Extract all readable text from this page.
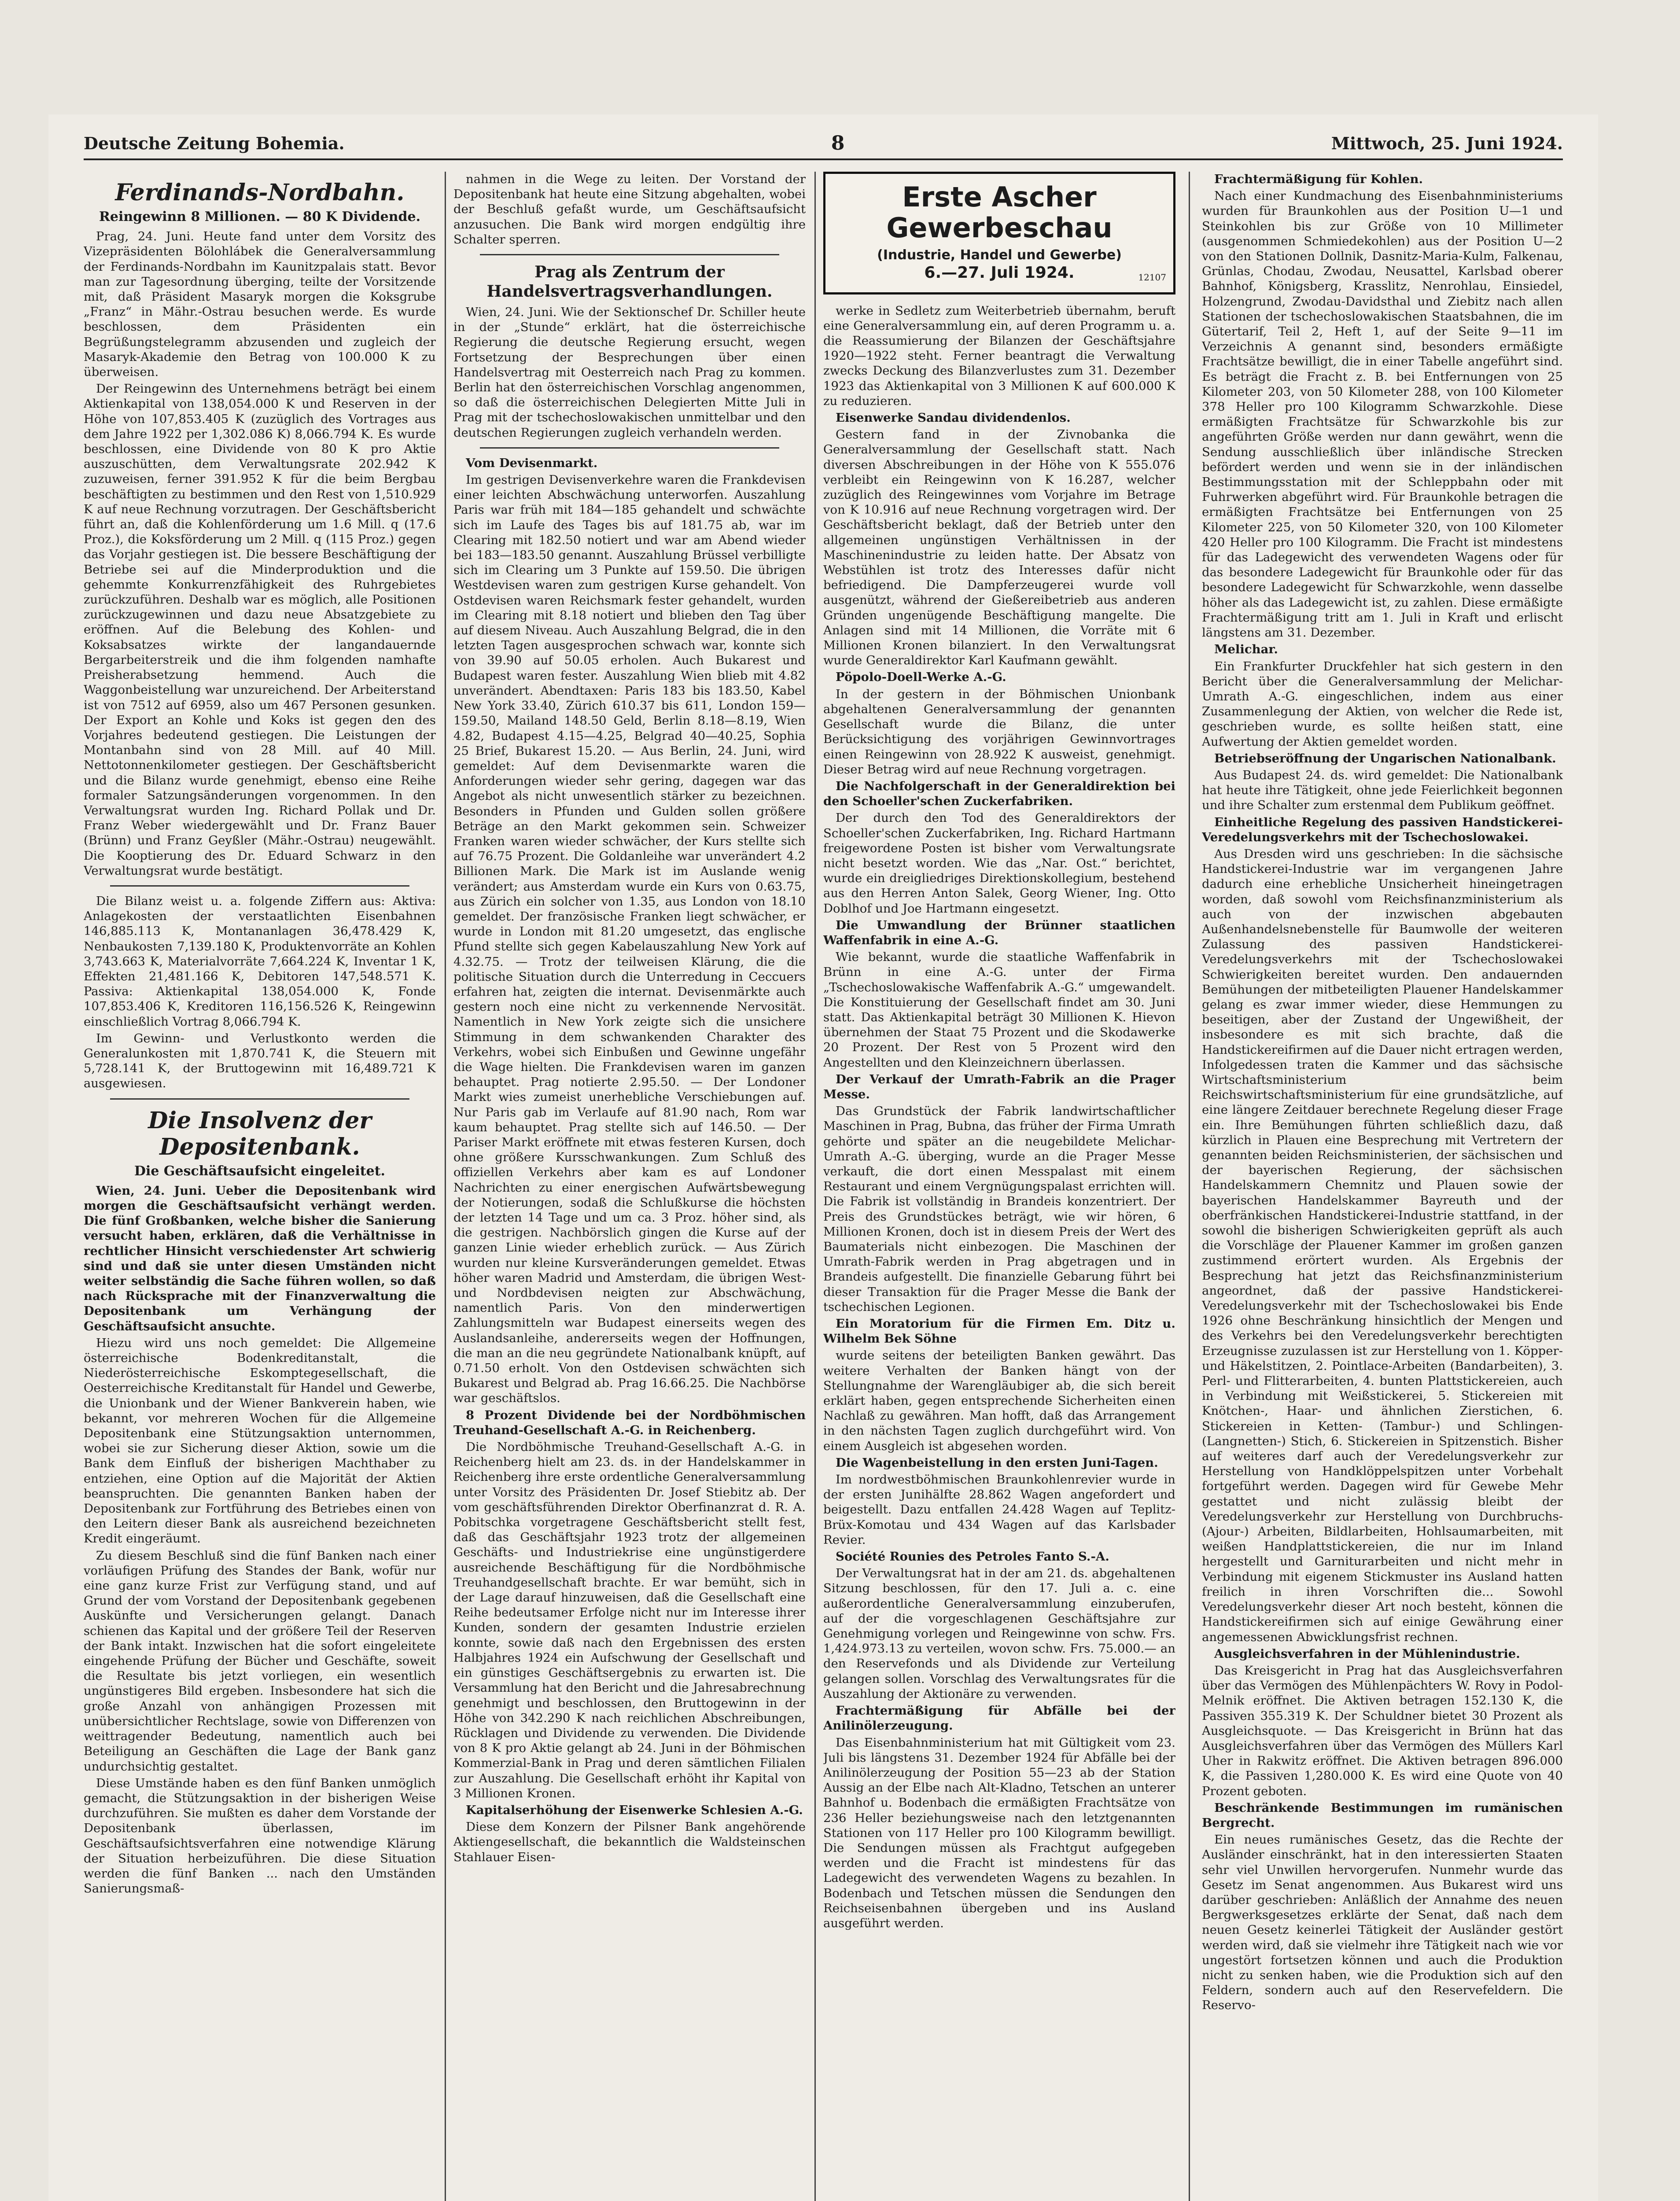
Deutsche Zeitung Bohemia.	8	Mittwoch, 25. Juni 1924.
Ferdinands-Nordbahn.

Reingewinn 8 Millionen. — 80 K Dividende.

Prag, 24. Juni. Heute fand unter dem Vorsitz des Vizepräsidenten Bölohlábek die Generalversammlung der Ferdinands-Nordbahn im Kaunitzpalais statt. Bevor man zur Tagesordnung überging, teilte der Vorsitzende mit, daß Präsident Masaryk morgen die Koksgrube „Franz“ in Mähr.-Ostrau besuchen werde. Es wurde beschlossen, dem Präsidenten ein Begrüßungstelegramm abzusenden und zugleich der Masaryk-Akademie den Betrag von 100.000 K zu überweisen.

Der Reingewinn des Unternehmens beträgt bei einem Aktienkapital von 138,054.000 K und Reserven in der Höhe von 107,853.405 K (zuzüglich des Vortrages aus dem Jahre 1922 per 1,302.086 K) 8,066.794 K. Es wurde beschlossen, eine Dividende von 80 K pro Aktie auszuschütten, dem Verwaltungsrate 202.942 K zuzuweisen, ferner 391.952 K für die beim Bergbau beschäftigten zu bestimmen und den Rest von 1,510.929 K auf neue Rechnung vorzutragen. Der Geschäftsbericht führt an, daß die Kohlenförderung um 1.6 Mill. q (17.6 Proz.), die Koksförderung um 2 Mill. q (115 Proz.) gegen das Vorjahr gestiegen ist. Die bessere Beschäftigung der Betriebe sei auf die Minderproduktion und die gehemmte Konkurrenzfähigkeit des Ruhrgebietes zurückzuführen. Deshalb war es möglich, alle Positionen zurückzugewinnen und dazu neue Absatzgebiete zu eröffnen. Auf die Belebung des Kohlen- und Koksabsatzes wirkte der langandauernde Bergarbeiterstreik und die ihm folgenden namhafte Preisherabsetzung hemmend. Auch die Waggonbeistellung war unzureichend. Der Arbeiterstand ist von 7512 auf 6959, also um 467 Personen gesunken. Der Export an Kohle und Koks ist gegen den des Vorjahres bedeutend gestiegen. Die Leistungen der Montanbahn sind von 28 Mill. auf 40 Mill. Nettotonnenkilometer gestiegen. Der Geschäftsbericht und die Bilanz wurde genehmigt, ebenso eine Reihe formaler Satzungsänderungen vorgenommen. In den Verwaltungsrat wurden Ing. Richard Pollak und Dr. Franz Weber wiedergewählt und Dr. Franz Bauer (Brünn) und Franz Geyßler (Mähr.-Ostrau) neugewählt. Die Kooptierung des Dr. Eduard Schwarz in den Verwaltungsrat wurde bestätigt.

Die Bilanz weist u. a. folgende Ziffern aus: Aktiva: Anlagekosten der verstaatlichten Eisenbahnen 146,885.113 K, Montananlagen 36,478.429 K, Nenbaukosten 7,139.180 K, Produktenvorräte an Kohlen 3,743.663 K, Materialvorräte 7,664.224 K, Inventar 1 K, Effekten 21,481.166 K, Debitoren 147,548.571 K. Passiva: Aktienkapital 138,054.000 K, Fonde 107,853.406 K, Kreditoren 116,156.526 K, Reingewinn einschließlich Vortrag 8,066.794 K.

Im Gewinn- und Verlustkonto werden die Generalunkosten mit 1,870.741 K, die Steuern mit 5,728.141 K, der Bruttogewinn mit 16,489.721 K ausgewiesen.

Die Insolvenz der Depositenbank.

Die Geschäftsaufsicht eingeleitet.

Wien, 24. Juni. Ueber die Depositenbank wird morgen die Geschäftsaufsicht verhängt werden. Die fünf Großbanken, welche bisher die Sanierung versucht haben, erklären, daß die Verhältnisse in rechtlicher Hinsicht verschiedenster Art schwierig sind und daß sie unter diesen Umständen nicht weiter selbständig die Sache führen wollen, so daß nach Rücksprache mit der Finanzverwaltung die Depositenbank um Verhängung der Geschäftsaufsicht ansuchte.

Hiezu wird uns noch gemeldet: Die Allgemeine österreichische Bodenkreditanstalt, die Niederösterreichische Eskomptegesellschaft, die Oesterreichische Kreditanstalt für Handel und Gewerbe, die Unionbank und der Wiener Bankverein haben, wie bekannt, vor mehreren Wochen für die Allgemeine Depositenbank eine Stützungsaktion unternommen, wobei sie zur Sicherung dieser Aktion, sowie um die Bank dem Einfluß der bisherigen Machthaber zu entziehen, eine Option auf die Majorität der Aktien beanspruchten. Die genannten Banken haben der Depositenbank zur Fortführung des Betriebes einen von den Leitern dieser Bank als ausreichend bezeichneten Kredit eingeräumt.

Zu diesem Beschluß sind die fünf Banken nach einer vorläufigen Prüfung des Standes der Bank, wofür nur eine ganz kurze Frist zur Verfügung stand, und auf Grund der vom Vorstand der Depositenbank gegebenen Auskünfte und Versicherungen gelangt. Danach schienen das Kapital und der größere Teil der Reserven der Bank intakt. Inzwischen hat die sofort eingeleitete eingehende Prüfung der Bücher und Geschäfte, soweit die Resultate bis jetzt vorliegen, ein wesentlich ungünstigeres Bild ergeben. Insbesondere hat sich die große Anzahl von anhängigen Prozessen mit unübersichtlicher Rechtslage, sowie von Differenzen von weittragender Bedeutung, namentlich auch bei Beteiligung an Geschäften die Lage der Bank ganz undurchsichtig gestaltet.

Diese Umstände haben es den fünf Banken unmöglich gemacht, die Stützungsaktion in der bisherigen Weise durchzuführen. Sie mußten es daher dem Vorstande der Depositenbank überlassen, im Geschäftsaufsichtsverfahren eine notwendige Klärung der Situation herbeizuführen. Die diese Situation werden die fünf Banken ... nach den Umständen Sanierungsmaß-

nahmen in die Wege zu leiten. Der Vorstand der Depositenbank hat heute eine Sitzung abgehalten, wobei der Beschluß gefaßt wurde, um Geschäftsaufsicht anzusuchen. Die Bank wird morgen endgültig ihre Schalter sperren.

Prag als Zentrum der Handelsvertragsverhandlungen.

Wien, 24. Juni. Wie der Sektionschef Dr. Schiller heute in der „Stunde“ erklärt, hat die österreichische Regierung die deutsche Regierung ersucht, wegen Fortsetzung der Besprechungen über einen Handelsvertrag mit Oesterreich nach Prag zu kommen. Berlin hat den österreichischen Vorschlag angenommen, so daß die österreichischen Delegierten Mitte Juli in Prag mit der tschechoslowakischen unmittelbar und den deutschen Regierungen zugleich verhandeln werden.

Vom Devisenmarkt.

Im gestrigen Devisenverkehre waren die Frankdevisen einer leichten Abschwächung unterworfen. Auszahlung Paris war früh mit 184—185 gehandelt und schwächte sich im Laufe des Tages bis auf 181.75 ab, war im Clearing mit 182.50 notiert und war am Abend wieder bei 183—183.50 genannt. Auszahlung Brüssel verbilligte sich im Clearing um 3 Punkte auf 159.50. Die übrigen Westdevisen waren zum gestrigen Kurse gehandelt. Von Ostdevisen waren Reichsmark fester gehandelt, wurden im Clearing mit 8.18 notiert und blieben den Tag über auf diesem Niveau. Auch Auszahlung Belgrad, die in den letzten Tagen ausgesprochen schwach war, konnte sich von 39.90 auf 50.05 erholen. Auch Bukarest und Budapest waren fester. Auszahlung Wien blieb mit 4.82 unverändert. Abendtaxen: Paris 183 bis 183.50, Kabel New York 33.40, Zürich 610.37 bis 611, London 159—159.50, Mailand 148.50 Geld, Berlin 8.18—8.19, Wien 4.82, Budapest 4.15—4.25, Belgrad 40—40.25, Sophia 25 Brief, Bukarest 15.20. — Aus Berlin, 24. Juni, wird gemeldet: Auf dem Devisenmarkte waren die Anforderungen wieder sehr gering, dagegen war das Angebot als nicht unwesentlich stärker zu bezeichnen. Besonders in Pfunden und Gulden sollen größere Beträge an den Markt gekommen sein. Schweizer Franken waren wieder schwächer, der Kurs stellte sich auf 76.75 Prozent. Die Goldanleihe war unverändert 4.2 Billionen Mark. Die Mark ist im Auslande wenig verändert; aus Amsterdam wurde ein Kurs von 0.63.75, aus Zürich ein solcher von 1.35, aus London von 18.10 gemeldet. Der französische Franken liegt schwächer, er wurde in London mit 81.20 umgesetzt, das englische Pfund stellte sich gegen Kabelauszahlung New York auf 4.32.75. — Trotz der teilweisen Klärung, die die politische Situation durch die Unterredung in Ceccuers erfahren hat, zeigten die internat. Devisenmärkte auch gestern noch eine nicht zu verkennende Nervosität. Namentlich in New York zeigte sich die unsichere Stimmung in dem schwankenden Charakter des Verkehrs, wobei sich Einbußen und Gewinne ungefähr die Wage hielten. Die Frankdevisen waren im ganzen behauptet. Prag notierte 2.95.50. — Der Londoner Markt wies zumeist unerhebliche Verschiebungen auf. Nur Paris gab im Verlaufe auf 81.90 nach, Rom war kaum behauptet. Prag stellte sich auf 146.50. — Der Pariser Markt eröffnete mit etwas festeren Kursen, doch ohne größere Kursschwankungen. Zum Schluß des offiziellen Verkehrs aber kam es auf Londoner Nachrichten zu einer energischen Aufwärtsbewegung der Notierungen, sodaß die Schlußkurse die höchsten der letzten 14 Tage und um ca. 3 Proz. höher sind, als die gestrigen. Nachbörslich gingen die Kurse auf der ganzen Linie wieder erheblich zurück. — Aus Zürich wurden nur kleine Kursveränderungen gemeldet. Etwas höher waren Madrid und Amsterdam, die übrigen West- und Nordbdevisen neigten zur Abschwächung, namentlich Paris. Von den minderwertigen Zahlungsmitteln war Budapest einerseits wegen des Auslandsanleihe, andererseits wegen der Hoffnungen, die man an die neu gegründete Nationalbank knüpft, auf 0.71.50 erholt. Von den Ostdevisen schwächten sich Bukarest und Belgrad ab. Prag 16.66.25. Die Nachbörse war geschäftslos.

8 Prozent Dividende bei der Nordböhmischen Treuhand-Gesellschaft A.-G. in Reichenberg.

Die Nordböhmische Treuhand-Gesellschaft A.-G. in Reichenberg hielt am 23. ds. in der Handelskammer in Reichenberg ihre erste ordentliche Generalversammlung unter Vorsitz des Präsidenten Dr. Josef Stiebitz ab. Der vom geschäftsführenden Direktor Oberfinanzrat d. R. A. Pobitschka vorgetragene Geschäftsbericht stellt fest, daß das Geschäftsjahr 1923 trotz der allgemeinen Geschäfts- und Industriekrise eine ungünstigerdere ausreichende Beschäftigung für die Nordböhmische Treuhandgesellschaft brachte. Er war bemüht, sich in der Lage darauf hinzuweisen, daß die Gesellschaft eine Reihe bedeutsamer Erfolge nicht nur im Interesse ihrer Kunden, sondern der gesamten Industrie erzielen konnte, sowie daß nach den Ergebnissen des ersten Halbjahres 1924 ein Aufschwung der Gesellschaft und ein günstiges Geschäftsergebnis zu erwarten ist. Die Versammlung hat den Bericht und die Jahresabrechnung genehmigt und beschlossen, den Bruttogewinn in der Höhe von 342.290 K nach reichlichen Abschreibungen, Rücklagen und Dividende zu verwenden. Die Dividende von 8 K pro Aktie gelangt ab 24. Juni in der Böhmischen Kommerzial-Bank in Prag und deren sämtlichen Filialen zur Auszahlung. Die Gesellschaft erhöht ihr Kapital von 3 Millionen Kronen.

Kapitalserhöhung der Eisenwerke Schlesien A.-G.

Diese dem Konzern der Pilsner Bank angehörende Aktiengesellschaft, die bekanntlich die Waldsteinschen Stahlauer Eisen-

Erste Ascher Gewerbeschau
(Industrie, Handel und Gewerbe)
6.—27. Juli 1924.	12107

werke in Sedletz zum Weiterbetrieb übernahm, beruft eine Generalversammlung ein, auf deren Programm u. a. die Reassumierung der Bilanzen der Geschäftsjahre 1920—1922 steht. Ferner beantragt die Verwaltung zwecks Deckung des Bilanzverlustes zum 31. Dezember 1923 das Aktienkapital von 3 Millionen K auf 600.000 K zu reduzieren.

Eisenwerke Sandau dividendenlos.

Gestern fand in der Zivnobanka die Generalversammlung der Gesellschaft statt. Nach diversen Abschreibungen in der Höhe von K 555.076 verbleibt ein Reingewinn von K 16.287, welcher zuzüglich des Reingewinnes vom Vorjahre im Betrage von K 10.916 auf neue Rechnung vorgetragen wird. Der Geschäftsbericht beklagt, daß der Betrieb unter den allgemeinen ungünstigen Verhältnissen in der Maschinenindustrie zu leiden hatte. Der Absatz von Webstühlen ist trotz des Interesses dafür nicht befriedigend. Die Dampferzeugerei wurde voll ausgenützt, während der Gießereibetrieb aus anderen Gründen ungenügende Beschäftigung mangelte. Die Anlagen sind mit 14 Millionen, die Vorräte mit 6 Millionen Kronen bilanziert. In den Verwaltungsrat wurde Generaldirektor Karl Kaufmann gewählt.

Pöpolo-Doell-Werke A.-G.

In der gestern in der Böhmischen Unionbank abgehaltenen Generalversammlung der genannten Gesellschaft wurde die Bilanz, die unter Berücksichtigung des vorjährigen Gewinnvortrages einen Reingewinn von 28.922 K ausweist, genehmigt. Dieser Betrag wird auf neue Rechnung vorgetragen.

Die Nachfolgerschaft in der Generaldirektion bei den Schoeller'schen Zuckerfabriken.

Der durch den Tod des Generaldirektors der Schoeller'schen Zuckerfabriken, Ing. Richard Hartmann freigewordene Posten ist bisher vom Verwaltungsrate nicht besetzt worden. Wie das „Nar. Ost.“ berichtet, wurde ein dreigliedriges Direktionskollegium, bestehend aus den Herren Anton Salek, Georg Wiener, Ing. Otto Doblhof und Joe Hartmann eingesetzt.

Die Umwandlung der Brünner staatlichen Waffenfabrik in eine A.-G.

Wie bekannt, wurde die staatliche Waffenfabrik in Brünn in eine A.-G. unter der Firma „Tschechoslowakische Waffenfabrik A.-G.“ umgewandelt. Die Konstituierung der Gesellschaft findet am 30. Juni statt. Das Aktienkapital beträgt 30 Millionen K. Hievon übernehmen der Staat 75 Prozent und die Skodawerke 20 Prozent. Der Rest von 5 Prozent wird den Angestellten und den Kleinzeichnern überlassen.

Der Verkauf der Umrath-Fabrik an die Prager Messe.

Das Grundstück der Fabrik landwirtschaftlicher Maschinen in Prag, Bubna, das früher der Firma Umrath gehörte und später an die neugebildete Melichar-Umrath A.-G. überging, wurde an die Prager Messe verkauft, die dort einen Messpalast mit einem Restaurant und einem Vergnügungspalast errichten will. Die Fabrik ist vollständig in Brandeis konzentriert. Der Preis des Grundstückes beträgt, wie wir hören, 6 Millionen Kronen, doch ist in diesem Preis der Wert des Baumaterials nicht einbezogen. Die Maschinen der Umrath-Fabrik werden in Prag abgetragen und in Brandeis aufgestellt. Die finanzielle Gebarung führt bei dieser Transaktion für die Prager Messe die Bank der tschechischen Legionen.

Ein Moratorium für die Firmen Em. Ditz u. Wilhelm Bek Söhne

wurde seitens der beteiligten Banken gewährt. Das weitere Verhalten der Banken hängt von der Stellungnahme der Warengläubiger ab, die sich bereit erklärt haben, gegen entsprechende Sicherheiten einen Nachlaß zu gewähren. Man hofft, daß das Arrangement in den nächsten Tagen zuglich durchgeführt wird. Von einem Ausgleich ist abgesehen worden.

Die Wagenbeistellung in den ersten Juni-Tagen.

Im nordwestböhmischen Braunkohlenrevier wurde in der ersten Junihälfte 28.862 Wagen angefordert und beigestellt. Dazu entfallen 24.428 Wagen auf Teplitz-Brüx-Komotau und 434 Wagen auf das Karlsbader Revier.

Société Rounies des Petroles Fanto S.-A.

Der Verwaltungsrat hat in der am 21. ds. abgehaltenen Sitzung beschlossen, für den 17. Juli a. c. eine außerordentliche Generalversammlung einzuberufen, auf der die vorgeschlagenen Geschäftsjahre zur Genehmigung vorlegen und Reingewinne von schw. Frs. 1,424.973.13 zu verteilen, wovon schw. Frs. 75.000.— an den Reservefonds und als Dividende zur Verteilung gelangen sollen. Vorschlag des Verwaltungsrates für die Auszahlung der Aktionäre zu verwenden.

Frachtermäßigung für Abfälle bei der Anilinölerzeugung.

Das Eisenbahnministerium hat mit Gültigkeit vom 23. Juli bis längstens 31. Dezember 1924 für Abfälle bei der Anilinölerzeugung der Position 55—23 ab der Station Aussig an der Elbe nach Alt-Kladno, Tetschen an unterer Bahnhof u. Bodenbach die ermäßigten Frachtsätze von 236 Heller beziehungsweise nach den letztgenannten Stationen von 117 Heller pro 100 Kilogramm bewilligt. Die Sendungen müssen als Frachtgut aufgegeben werden und die Fracht ist mindestens für das Ladegewicht des verwendeten Wagens zu bezahlen. In Bodenbach und Tetschen müssen die Sendungen den Reichseisenbahnen übergeben und ins Ausland ausgeführt werden.

Frachtermäßigung für Kohlen.

Nach einer Kundmachung des Eisenbahnministeriums wurden für Braunkohlen aus der Position U—1 und Steinkohlen bis zur Größe von 10 Millimeter (ausgenommen Schmiedekohlen) aus der Position U—2 von den Stationen Dollnik, Dasnitz-Maria-Kulm, Falkenau, Grünlas, Chodau, Zwodau, Neusattel, Karlsbad oberer Bahnhof, Königsberg, Krasslitz, Nenrohlau, Einsiedel, Holzengrund, Zwodau-Davidsthal und Ziebitz nach allen Stationen der tschechoslowakischen Staatsbahnen, die im Gütertarif, Teil 2, Heft 1, auf der Seite 9—11 im Verzeichnis A genannt sind, besonders ermäßigte Frachtsätze bewilligt, die in einer Tabelle angeführt sind. Es beträgt die Fracht z. B. bei Entfernungen von 25 Kilometer 203, von 50 Kilometer 288, von 100 Kilometer 378 Heller pro 100 Kilogramm Schwarzkohle. Diese ermäßigten Frachtsätze für Schwarzkohle bis zur angeführten Größe werden nur dann gewährt, wenn die Sendung ausschließlich über inländische Strecken befördert werden und wenn sie in der inländischen Bestimmungsstation mit der Schleppbahn oder mit Fuhrwerken abgeführt wird. Für Braunkohle betragen die ermäßigten Frachtsätze bei Entfernungen von 25 Kilometer 225, von 50 Kilometer 320, von 100 Kilometer 420 Heller pro 100 Kilogramm. Die Fracht ist mindestens für das Ladegewicht des verwendeten Wagens oder für das besondere Ladegewicht für Braunkohle oder für das besondere Ladegewicht für Schwarzkohle, wenn dasselbe höher als das Ladegewicht ist, zu zahlen. Diese ermäßigte Frachtermäßigung tritt am 1. Juli in Kraft und erlischt längstens am 31. Dezember.

Melichar.

Ein Frankfurter Druckfehler hat sich gestern in den Bericht über die Generalversammlung der Melichar-Umrath A.-G. eingeschlichen, indem aus einer Zusammenlegung der Aktien, von welcher die Rede ist, geschrieben wurde, es sollte heißen statt, eine Aufwertung der Aktien gemeldet worden.

Betriebseröffnung der Ungarischen Nationalbank.

Aus Budapest 24. ds. wird gemeldet: Die Nationalbank hat heute ihre Tätigkeit, ohne jede Feierlichkeit begonnen und ihre Schalter zum erstenmal dem Publikum geöffnet.

Einheitliche Regelung des passiven Handstickerei-Veredelungsverkehrs mit der Tschechoslowakei.

Aus Dresden wird uns geschrieben: In die sächsische Handstickerei-Industrie war im vergangenen Jahre dadurch eine erhebliche Unsicherheit hineingetragen worden, daß sowohl vom Reichsfinanzministerium als auch von der inzwischen abgebauten Außenhandelsnebenstelle für Baumwolle der weiteren Zulassung des passiven Handstickerei-Veredelungsverkehrs mit der Tschechoslowakei Schwierigkeiten bereitet wurden. Den andauernden Bemühungen der mitbeteiligten Plauener Handelskammer gelang es zwar immer wieder, diese Hemmungen zu beseitigen, aber der Zustand der Ungewißheit, der insbesondere es mit sich brachte, daß die Handstickereifirmen auf die Dauer nicht ertragen werden, Infolgedessen traten die Kammer und das sächsische Wirtschaftsministerium beim Reichswirtschaftsministerium für eine grundsätzliche, auf eine längere Zeitdauer berechnete Regelung dieser Frage ein. Ihre Bemühungen führten schließlich dazu, daß kürzlich in Plauen eine Besprechung mit Vertretern der genannten beiden Reichsministerien, der sächsischen und der bayerischen Regierung, der sächsischen Handelskammern Chemnitz und Plauen sowie der bayerischen Handelskammer Bayreuth und der oberfränkischen Handstickerei-Industrie stattfand, in der sowohl die bisherigen Schwierigkeiten geprüft als auch die Vorschläge der Plauener Kammer im großen ganzen zustimmend erörtert wurden. Als Ergebnis der Besprechung hat jetzt das Reichsfinanzministerium angeordnet, daß der passive Handstickerei-Veredelungsverkehr mit der Tschechoslowakei bis Ende 1926 ohne Beschränkung hinsichtlich der Mengen und des Verkehrs bei den Veredelungsverkehr berechtigten Erzeugnisse zuzulassen ist zur Herstellung von 1. Köpper- und Häkelstitzen, 2. Pointlace-Arbeiten (Bandarbeiten), 3. Perl- und Flitterarbeiten, 4. bunten Plattstickereien, auch in Verbindung mit Weißstickerei, 5. Stickereien mit Knötchen-, Haar- und ähnlichen Zierstichen, 6. Stickereien in Ketten- (Tambur-) und Schlingen- (Langnetten-) Stich, 6. Stickereien in Spitzenstich. Bisher auf weiteres darf auch der Veredelungsverkehr zur Herstellung von Handklöppelspitzen unter Vorbehalt fortgeführt werden. Dagegen wird für Gewebe Mehr gestattet und nicht zulässig bleibt der Veredelungsverkehr zur Herstellung von Durchbruchs- (Ajour-) Arbeiten, Bildlarbeiten, Hohlsaumarbeiten, mit weißen Handplattstickereien, die nur im Inland hergestellt und Garniturarbeiten und nicht mehr in Verbindung mit eigenem Stickmuster ins Ausland hatten freilich in ihren Vorschriften die... Sowohl Veredelungsverkehr dieser Art noch besteht, können die Handstickereifirmen sich auf einige Gewährung einer angemessenen Abwicklungsfrist rechnen.

Ausgleichsverfahren in der Mühlenindustrie.

Das Kreisgericht in Prag hat das Ausgleichsverfahren über das Vermögen des Mühlenpächters W. Rovy in Podol-Melnik eröffnet. Die Aktiven betragen 152.130 K, die Passiven 355.319 K. Der Schuldner bietet 30 Prozent als Ausgleichsquote. — Das Kreisgericht in Brünn hat das Ausgleichsverfahren über das Vermögen des Müllers Karl Uher in Rakwitz eröffnet. Die Aktiven betragen 896.000 K, die Passiven 1,280.000 K. Es wird eine Quote von 40 Prozent geboten.

Beschränkende Bestimmungen im rumänischen Bergrecht.

Ein neues rumänisches Gesetz, das die Rechte der Ausländer einschränkt, hat in den interessierten Staaten sehr viel Unwillen hervorgerufen. Nunmehr wurde das Gesetz im Senat angenommen. Aus Bukarest wird uns darüber geschrieben: Anläßlich der Annahme des neuen Bergwerksgesetzes erklärte der Senat, daß nach dem neuen Gesetz keinerlei Tätigkeit der Ausländer gestört werden wird, daß sie vielmehr ihre Tätigkeit nach wie vor ungestört fortsetzen können und auch die Produktion nicht zu senken haben, wie die Produktion sich auf den Feldern, sondern auch auf den Reservefeldern. Die Reservo-
